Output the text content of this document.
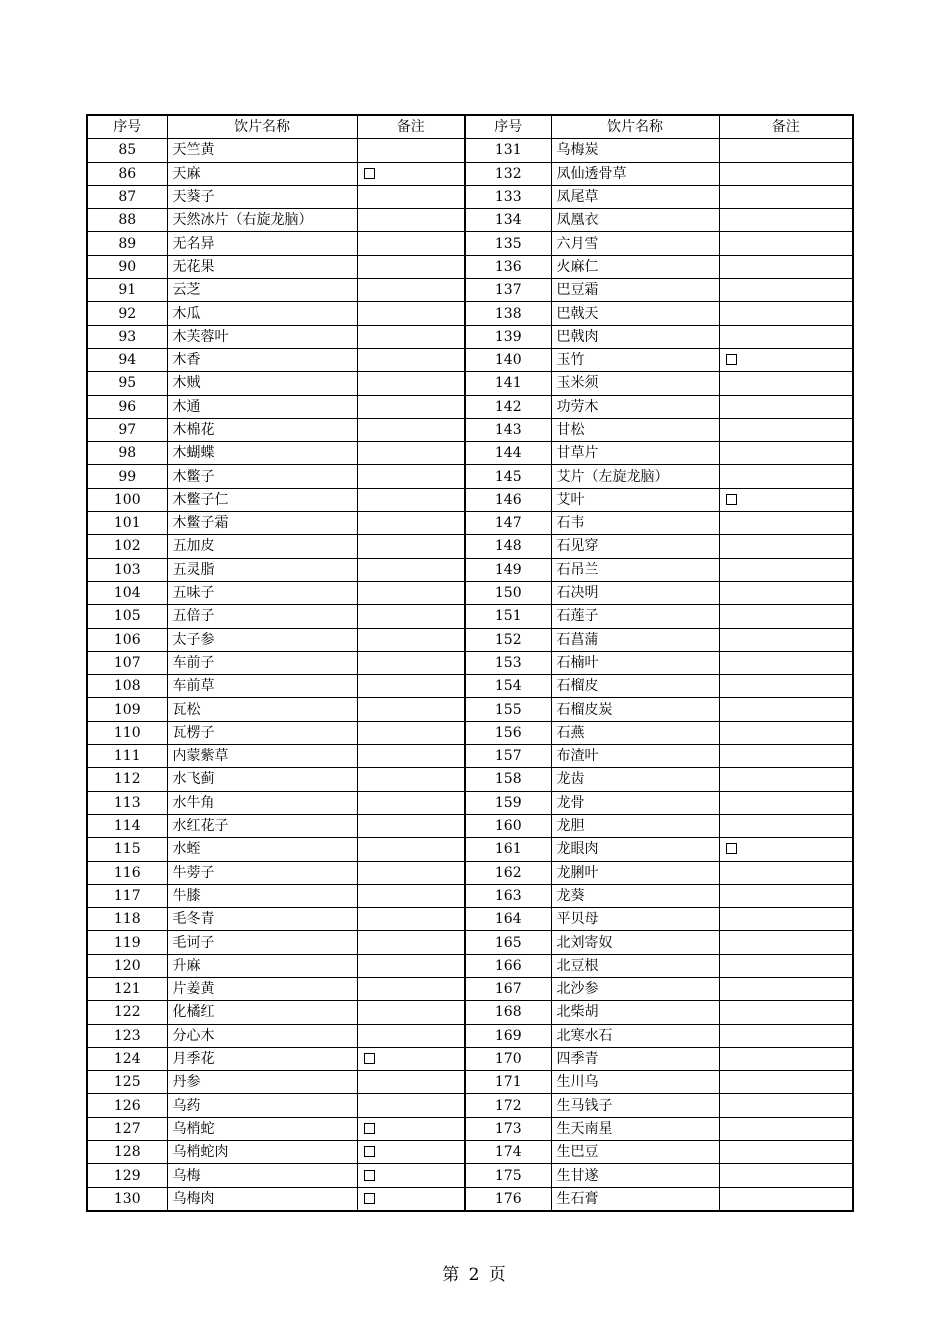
序号	饮片名称	备注	序号	饮片名称	备注
85	天竺黄		131	乌梅炭	
86	天麻		132	凤仙透骨草	
87	天葵子		133	凤尾草	
88	天然冰片（右旋龙脑）		134	凤凰衣	
89	无名异		135	六月雪	
90	无花果		136	火麻仁	
91	云芝		137	巴豆霜	
92	木瓜		138	巴戟天	
93	木芙蓉叶		139	巴戟肉	
94	木香		140	玉竹	
95	木贼		141	玉米须	
96	木通		142	功劳木	
97	木棉花		143	甘松	
98	木蝴蝶		144	甘草片	
99	木鳖子		145	艾片（左旋龙脑）	
100	木鳖子仁		146	艾叶	
101	木鳖子霜		147	石韦	
102	五加皮		148	石见穿	
103	五灵脂		149	石吊兰	
104	五味子		150	石决明	
105	五倍子		151	石莲子	
106	太子参		152	石菖蒲	
107	车前子		153	石楠叶	
108	车前草		154	石榴皮	
109	瓦松		155	石榴皮炭	
110	瓦楞子		156	石燕	
111	内蒙紫草		157	布渣叶	
112	水飞蓟		158	龙齿	
113	水牛角		159	龙骨	
114	水红花子		160	龙胆	
115	水蛭		161	龙眼肉	
116	牛蒡子		162	龙脷叶	
117	牛膝		163	龙葵	
118	毛冬青		164	平贝母	
119	毛诃子		165	北刘寄奴	
120	升麻		166	北豆根	
121	片姜黄		167	北沙参	
122	化橘红		168	北柴胡	
123	分心木		169	北寒水石	
124	月季花		170	四季青	
125	丹参		171	生川乌	
126	乌药		172	生马钱子	
127	乌梢蛇		173	生天南星	
128	乌梢蛇肉		174	生巴豆	
129	乌梅		175	生甘遂	
130	乌梅肉		176	生石膏	
第 2 页
